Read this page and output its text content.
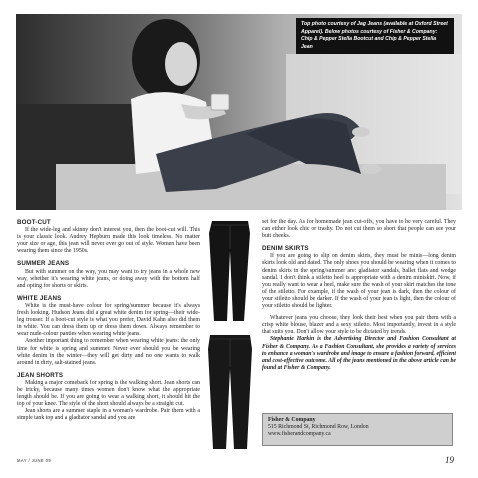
Top photo courtesy of Jag Jeans (available at Oxford Street Apparel). Below photos courtesy of Fisher & Company: Chip & Pepper Stella Bootcut and Chip & Pepper Stella Jean
BOOT-CUT

If the wide-leg and skinny don't interest you, then the boot-cut will. This is your classic look. Audrey Hepburn made this look timeless. No matter your size or age, this jean will never ever go out of style. Women have been wearing them since the 1950s.

SUMMER JEANS

But with summer on the way, you may want to try jeans in a whole new way, whether it's wearing white jeans, or doing away with the bottom half and opting for shorts or skirts.

WHITE JEANS

White is the must-have colour for spring/summer because it's always fresh looking. Hudson Jeans did a great white denim for spring—their wide-leg trouser. If a boot-cut style is what you prefer, David Kahn also did them in white. You can dress them up or dress them down. Always remember to wear nude-colour panties when wearing white jeans.

Another important thing to remember when wearing white jeans: the only time for white is spring and summer. Never ever should you be wearing white denim in the winter—they will get dirty and no one wants to walk around in dirty, salt-stained jeans.

JEAN SHORTS

Making a major comeback for spring is the walking short. Jean shorts can be tricky, because many times women don't know what the appropriate length should be. If you are going to wear a walking short, it should hit the top of your knee. The style of the short should always be a straight cut.

Jean shorts are a summer staple in a woman's wardrobe. Pair them with a simple tank top and a gladiator sandal and you are

set for the day. As for homemade jean cut-offs, you have to be very careful. They can either look chic or trashy. Do not cut them so short that people can see your butt cheeks.

DENIM SKIRTS

If you are going to slip on denim skirts, they must be minis—long denim skirts look old and dated. The only shoes you should be wearing when it comes to denim skirts in the spring/summer are: gladiator sandals, ballet flats and wedge sandal. I don't think a stiletto heel is appropriate with a denim miniskirt. Now, if you really want to wear a heel, make sure the wash of your skirt matches the tone of the stiletto. For example, if the wash of your jean is dark, then the colour of your stiletto should be darker. If the wash of your jean is light, then the colour of your stiletto should be lighter.

Whatever jeans you choose, they look their best when you pair them with a crisp white blouse, blazer and a sexy stiletto. Most importantly, invest in a style that suits you. Don't allow your style to be dictated by trends.

Stephanie Harkin is the Advertising Director and Fashion Consultant at Fisher & Company. As a Fashion Consultant, she provides a variety of services to enhance a woman's wardrobe and image to ensure a fashion forward, efficient and cost-effective outcome. All of the jeans mentioned in the above article can be found at Fisher & Company.

Fisher & Company
515 Richmond St, Richmond Row, London
www.fisherandcompany.ca
MAY / JUNE 09	19
